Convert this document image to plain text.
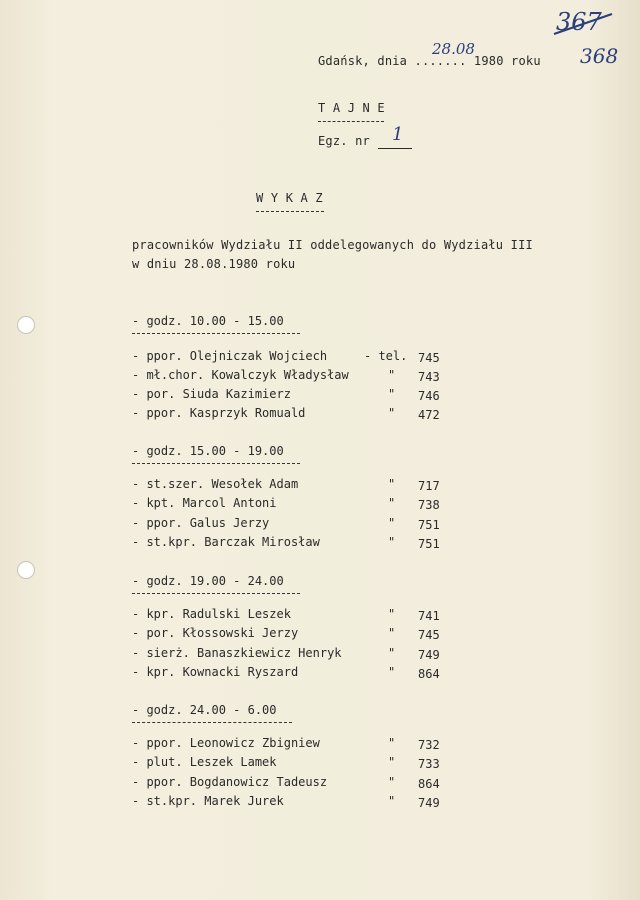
367
368
Gdańsk, dnia ....... 1980 roku
28.08
T A J N E
Egz. nr 1
W Y K A Z
pracowników Wydziału II oddelegowanych do Wydziału III
w dniu 28.08.1980 roku
- godz. 10.00 - 15.00
- ppor. Olejniczak Wojciech	- tel. 745
- mł.chor. Kowalczyk Władysław	" 743
- por. Siuda Kazimierz	" 746
- ppor. Kasprzyk Romuald	" 472
- godz. 15.00 - 19.00
- st.szer. Wesołek Adam	" 717
- kpt. Marcol Antoni	" 738
- ppor. Galus Jerzy	" 751
- st.kpr. Barczak Mirosław	" 751
- godz. 19.00 - 24.00
- kpr. Radulski Leszek	" 741
- por. Kłossowski Jerzy	" 745
- sierż. Banaszkiewicz Henryk	" 749
- kpr. Kownacki Ryszard	" 864
- godz. 24.00 - 6.00
- ppor. Leonowicz Zbigniew	" 732
- plut. Leszek Lamek	" 733
- ppor. Bogdanowicz Tadeusz	" 864
- st.kpr. Marek Jurek	" 749
